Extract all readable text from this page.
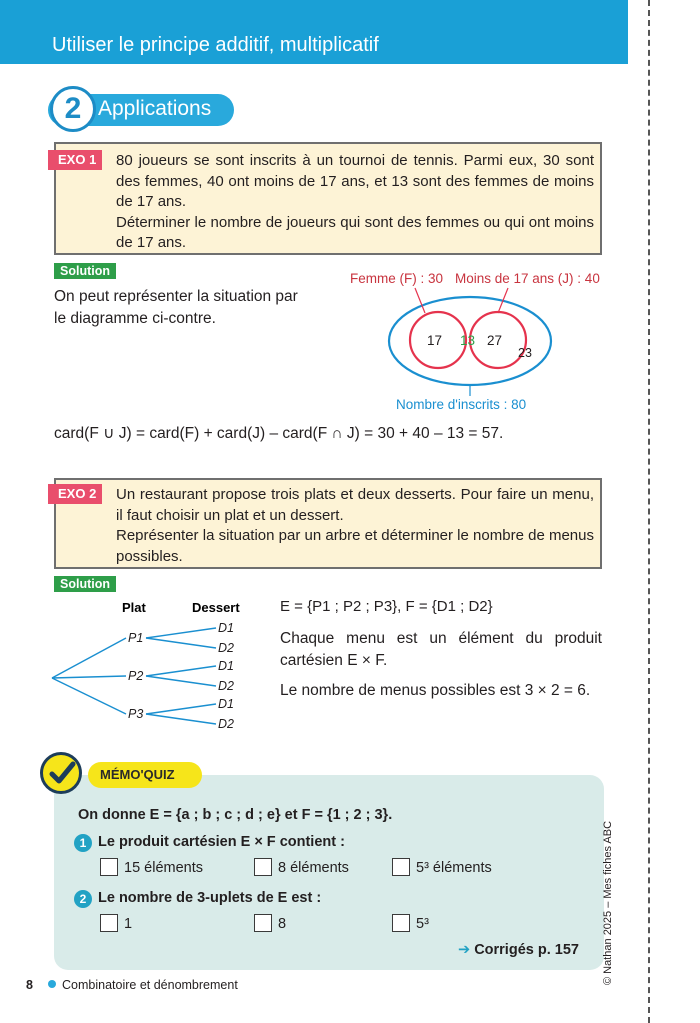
Utiliser le principe additif, multiplicatif
2 Applications
EXO 1	80 joueurs se sont inscrits à un tournoi de tennis. Parmi eux, 30 sont des femmes, 40 ont moins de 17 ans, et 13 sont des femmes de moins de 17 ans.

Déterminer le nombre de joueurs qui sont des femmes ou qui ont moins de 17 ans.

Solution
On peut représenter la situation par le diagramme ci-contre.
Femme (F) : 30 Moins de 17 ans (J) : 40
17 13 27
23
Nombre d'inscrits : 80
card(F ∪ J) = card(F) + card(J) – card(F ∩ J) = 30 + 40 – 13 = 57.
EXO 2	Un restaurant propose trois plats et deux desserts. Pour faire un menu, il faut choisir un plat et un dessert.

Représenter la situation par un arbre et déterminer le nombre de menus possibles.

Solution
Plat	Dessert
P1
P2
P3
D1
D2
D1
D2
D1
D2
E = {P1 ; P2 ; P3}, F = {D1 ; D2}
Chaque menu est un élément du produit cartésien E × F.
Le nombre de menus possibles est 3 × 2 = 6.
MÉMO'QUIZ
On donne E = {a ; b ; c ; d ; e} et F = {1 ; 2 ; 3}.
1 Le produit cartésien E × F contient :
15 éléments	8 éléments	5³ éléments
2 Le nombre de 3-uplets de E est :
1	8	5³
➔ Corrigés p. 157
8 Combinatoire et dénombrement	© Nathan 2025 – Mes fiches ABC
